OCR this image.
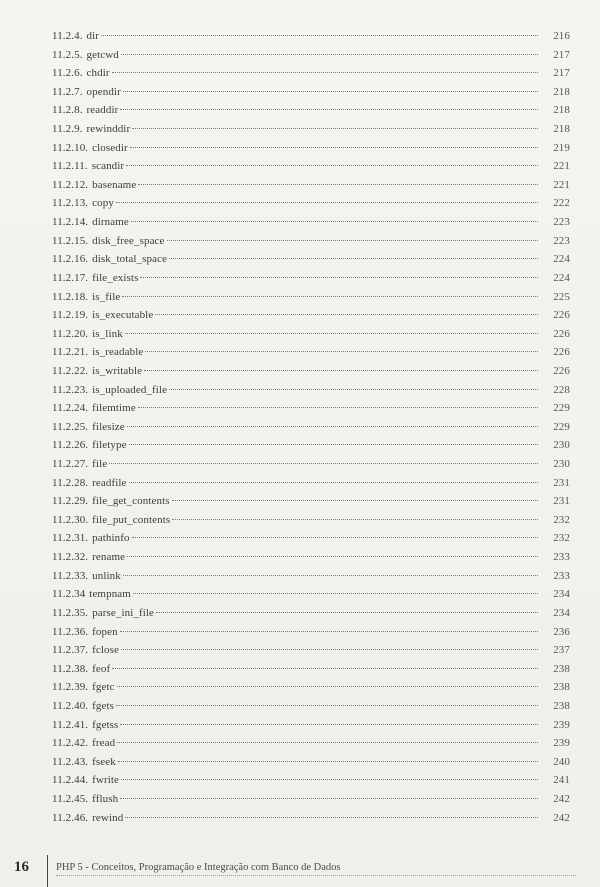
11.2.4. dir	216
11.2.5. getcwd	217
11.2.6. chdir	217
11.2.7. opendir	218
11.2.8. readdir	218
11.2.9. rewinddir	218
11.2.10. closedir	219
11.2.11. scandir	221
11.2.12. basename	221
11.2.13. copy	222
11.2.14. dirname	223
11.2.15. disk_free_space	223
11.2.16. disk_total_space	224
11.2.17. file_exists	224
11.2.18. is_file	225
11.2.19. is_executable	226
11.2.20. is_link	226
11.2.21. is_readable	226
11.2.22. is_writable	226
11.2.23. is_uploaded_file	228
11.2.24. filemtime	229
11.2.25. filesize	229
11.2.26. filetype	230
11.2.27. file	230
11.2.28. readfile	231
11.2.29. file_get_contents	231
11.2.30. file_put_contents	232
11.2.31. pathinfo	232
11.2.32. rename	233
11.2.33. unlink	233
11.2.34 tempnam	234
11.2.35. parse_ini_file	234
11.2.36. fopen	236
11.2.37. fclose	237
11.2.38. feof	238
11.2.39. fgetc	238
11.2.40. fgets	238
11.2.41. fgetss	239
11.2.42. fread	239
11.2.43. fseek	240
11.2.44. fwrite	241
11.2.45. fflush	242
11.2.46. rewind	242
16	PHP 5 - Conceitos, Programação e Integração com Banco de Dados
